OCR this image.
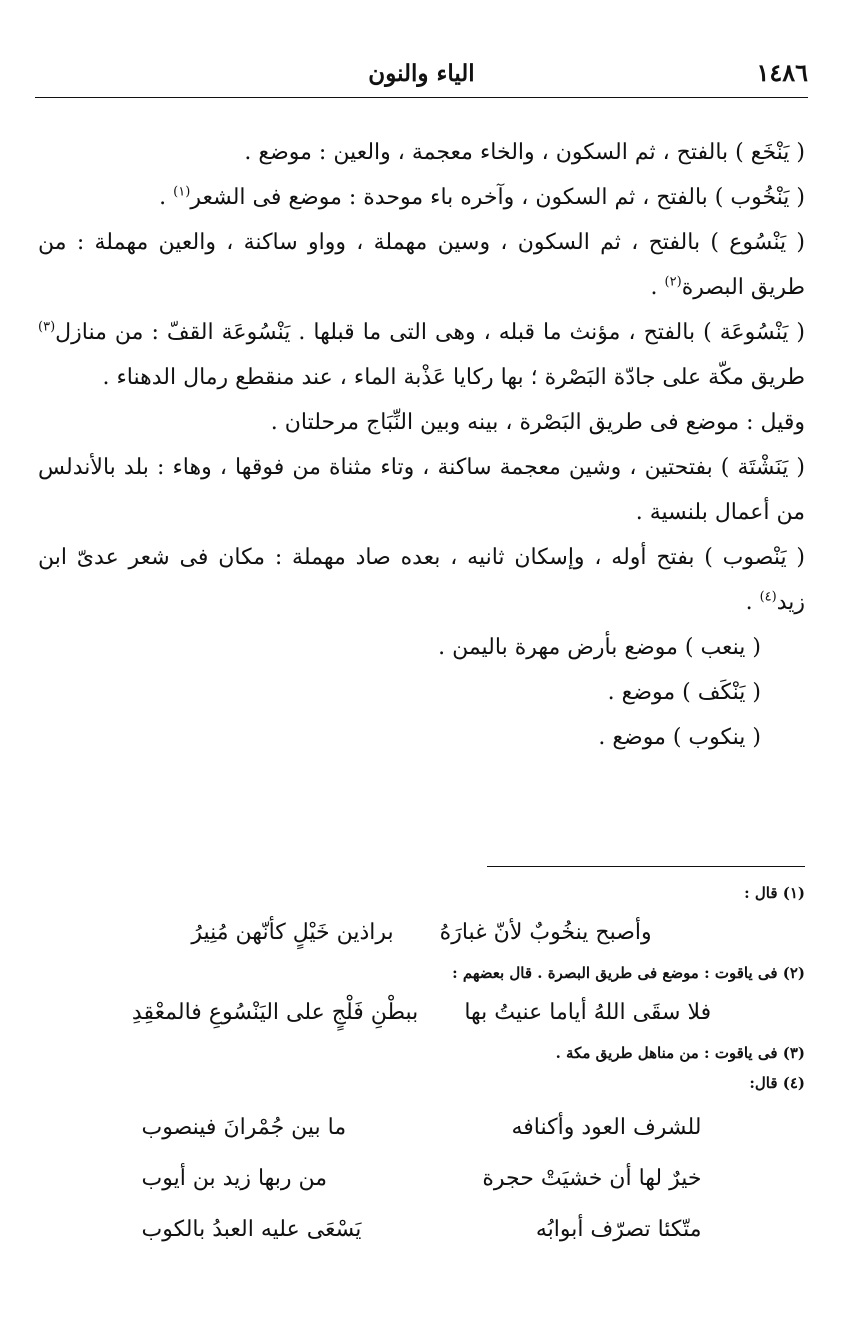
١٤٨٦
الياء والنون

( يَنْخَع ) بالفتح ، ثم السكون ، والخاء معجمة ، والعين : موضع .

( يَنْخُوب ) بالفتح ، ثم السكون ، وآخره باء موحدة : موضع فى الشعر$^{(١)}$ .

( يَنْسُوع ) بالفتح ، ثم السكون ، وسين مهملة ، وواو ساكنة ، والعين مهملة : من طريق البصرة$^{(٢)}$ .

( يَنْسُوعَة ) بالفتح ، مؤنث ما قبله ، وهى التى ما قبلها . يَنْسُوعَة القفّ : من منازل$^{(٣)}$ طريق مكّة على جادّة البَصْرة ؛ بها ركايا عَذْبة الماء ، عند منقطع رمال الدهناء .

وقيل : موضع فى طريق البَصْرة ، بينه وبين النِّبَاج مرحلتان .

( يَنَشْتَة ) بفتحتين ، وشين معجمة ساكنة ، وتاء مثناة من فوقها ، وهاء : بلد بالأندلس من أعمال بلنسية .

( يَنْصوب ) بفتح أوله ، وإسكان ثانيه ، بعده صاد مهملة : مكان فى شعر عدىّ ابن زيد$^{(٤)}$ .

( ينعب ) موضع بأرض مهرة باليمن .

( يَنْكَف ) موضع .

( ينكوب ) موضع .

(١) قال :

وأصبح ينخُوبٌ لأنّ غبارَهُ
براذين خَيْلٍ كأنّهن مُنِيرُ

(٢) فى ياقوت : موضع فى طريق البصرة . قال بعضهم :

فلا سقَى اللهُ أياما عنيتُ بها
ببطْنِ فَلْجٍ على اليَنْسُوعِ فالمعْقِدِ

(٣) فى ياقوت : من مناهل طريق مكة .

(٤) قال:

للشرف العود وأكنافه
ما بين جُمْرانَ فينصوب
خيرٌ لها أن خشيَتْ حجرة
من ربها زيد بن أيوب
متّكئا تصرّف أبوابُه
يَسْعَى عليه العبدُ بالكوب
